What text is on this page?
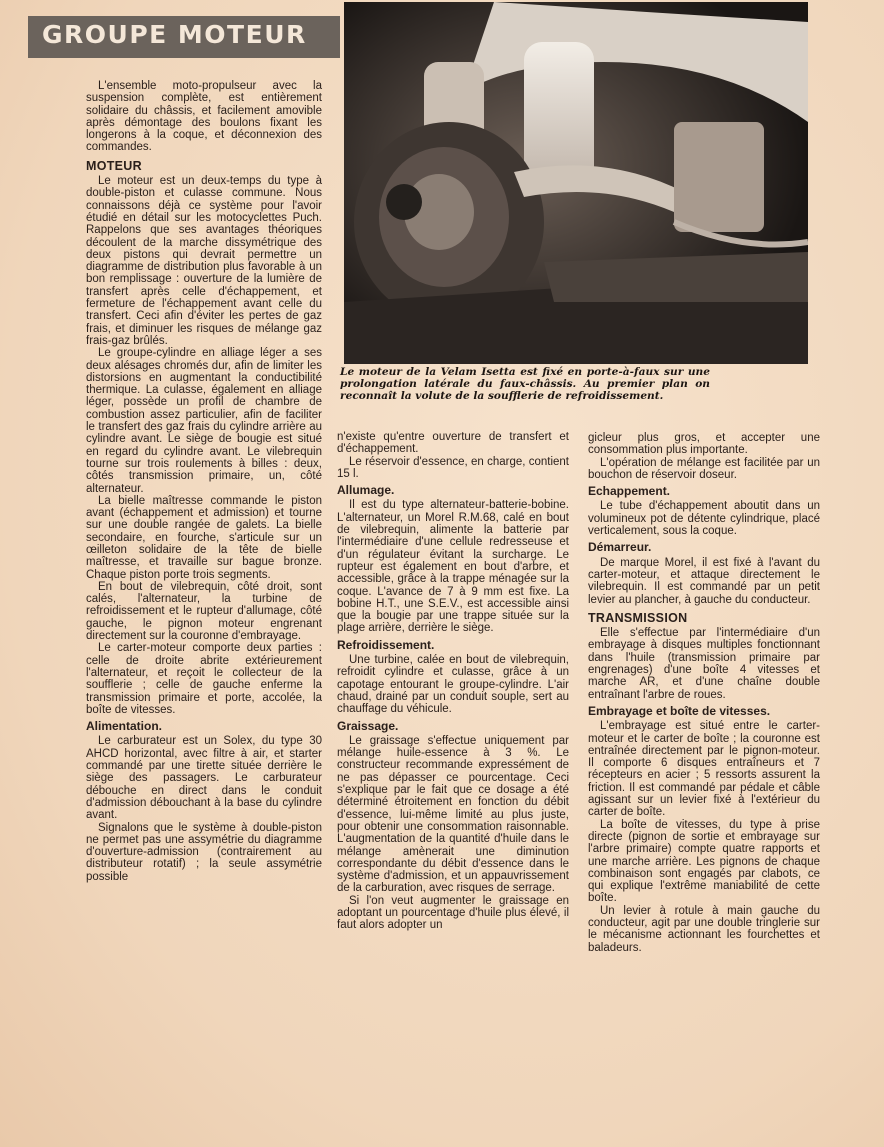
GROUPE MOTEUR
Le moteur de la Velam Isetta est fixé en porte-à-faux sur une prolongation latérale du faux-châssis. Au premier plan on reconnaît la volute de la soufflerie de refroidissement.

L'ensemble moto-propulseur avec la suspension complète, est entièrement solidaire du châssis, et facilement amovible après démontage des boulons fixant les longerons à la coque, et déconnexion des commandes.

MOTEUR

Le moteur est un deux-temps du type à double-piston et culasse commune. Nous connaissons déjà ce système pour l'avoir étudié en détail sur les motocyclettes Puch. Rappelons que ses avantages théoriques découlent de la marche dissymétrique des deux pistons qui devrait permettre un diagramme de distribution plus favorable à un bon remplissage : ouverture de la lumière de transfert après celle d'échappement, et fermeture de l'échappement avant celle du transfert. Ceci afin d'éviter les pertes de gaz frais, et diminuer les risques de mélange gaz frais-gaz brûlés.

Le groupe-cylindre en alliage léger a ses deux alésages chromés dur, afin de limiter les distorsions en augmentant la conductibilité thermique. La culasse, également en alliage léger, possède un profil de chambre de combustion assez particulier, afin de faciliter le transfert des gaz frais du cylindre arrière au cylindre avant. Le siège de bougie est situé en regard du cylindre avant. Le vilebrequin tourne sur trois roulements à billes : deux, côtés transmission primaire, un, côté alternateur.

La bielle maîtresse commande le piston avant (échappement et admission) et tourne sur une double rangée de galets. La bielle secondaire, en fourche, s'articule sur un œilleton solidaire de la tête de bielle maîtresse, et travaille sur bague bronze. Chaque piston porte trois segments.

En bout de vilebrequin, côté droit, sont calés, l'alternateur, la turbine de refroidissement et le rupteur d'allumage, côté gauche, le pignon moteur engrenant directement sur la couronne d'embrayage.

Le carter-moteur comporte deux parties : celle de droite abrite extérieurement l'alternateur, et reçoit le collecteur de la soufflerie ; celle de gauche enferme la transmission primaire et porte, accolée, la boîte de vitesses.

Alimentation.

Le carburateur est un Solex, du type 30 AHCD horizontal, avec filtre à air, et starter commandé par une tirette située derrière le siège des passagers. Le carburateur débouche en direct dans le conduit d'admission débouchant à la base du cylindre avant.

Signalons que le système à double-piston ne permet pas une assymétrie du diagramme d'ouverture-admission (contrairement au distributeur rotatif) ; la seule assymétrie possible

n'existe qu'entre ouverture de transfert et d'échappement.

Le réservoir d'essence, en charge, contient 15 l.

Allumage.

Il est du type alternateur-batterie-bobine. L'alternateur, un Morel R.M.68, calé en bout de vilebrequin, alimente la batterie par l'intermédiaire d'une cellule redresseuse et d'un régulateur évitant la surcharge. Le rupteur est également en bout d'arbre, et accessible, grâce à la trappe ménagée sur la coque. L'avance de 7 à 9 mm est fixe. La bobine H.T., une S.E.V., est accessible ainsi que la bougie par une trappe située sur la plage arrière, derrière le siège.

Refroidissement.

Une turbine, calée en bout de vilebrequin, refroidit cylindre et culasse, grâce à un capotage entourant le groupe-cylindre. L'air chaud, drainé par un conduit souple, sert au chauffage du véhicule.

Graissage.

Le graissage s'effectue uniquement par mélange huile-essence à 3 %. Le constructeur recommande expressément de ne pas dépasser ce pourcentage. Ceci s'explique par le fait que ce dosage a été déterminé étroitement en fonction du débit d'essence, lui-même limité au plus juste, pour obtenir une consommation raisonnable. L'augmentation de la quantité d'huile dans le mélange amènerait une diminution correspondante du débit d'essence dans le système d'admission, et un appauvrissement de la carburation, avec risques de serrage.

Si l'on veut augmenter le graissage en adoptant un pourcentage d'huile plus élevé, il faut alors adopter un

gicleur plus gros, et accepter une consommation plus importante.

L'opération de mélange est facilitée par un bouchon de réservoir doseur.

Echappement.

Le tube d'échappement aboutit dans un volumineux pot de détente cylindrique, placé verticalement, sous la coque.

Démarreur.

De marque Morel, il est fixé à l'avant du carter-moteur, et attaque directement le vilebrequin. Il est commandé par un petit levier au plancher, à gauche du conducteur.

TRANSMISSION

Elle s'effectue par l'intermédiaire d'un embrayage à disques multiples fonctionnant dans l'huile (transmission primaire par engrenages) d'une boîte 4 vitesses et marche AR, et d'une chaîne double entraînant l'arbre de roues.

Embrayage et boîte de vitesses.

L'embrayage est situé entre le carter-moteur et le carter de boîte ; la couronne est entraînée directement par le pignon-moteur. Il comporte 6 disques entraîneurs et 7 récepteurs en acier ; 5 ressorts assurent la friction. Il est commandé par pédale et câble agissant sur un levier fixé à l'extérieur du carter de boîte.

La boîte de vitesses, du type à prise directe (pignon de sortie et embrayage sur l'arbre primaire) compte quatre rapports et une marche arrière. Les pignons de chaque combinaison sont engagés par clabots, ce qui explique l'extrême maniabilité de cette boîte.

Un levier à rotule à main gauche du conducteur, agit par une double tringlerie sur le mécanisme actionnant les fourchettes et baladeurs.
